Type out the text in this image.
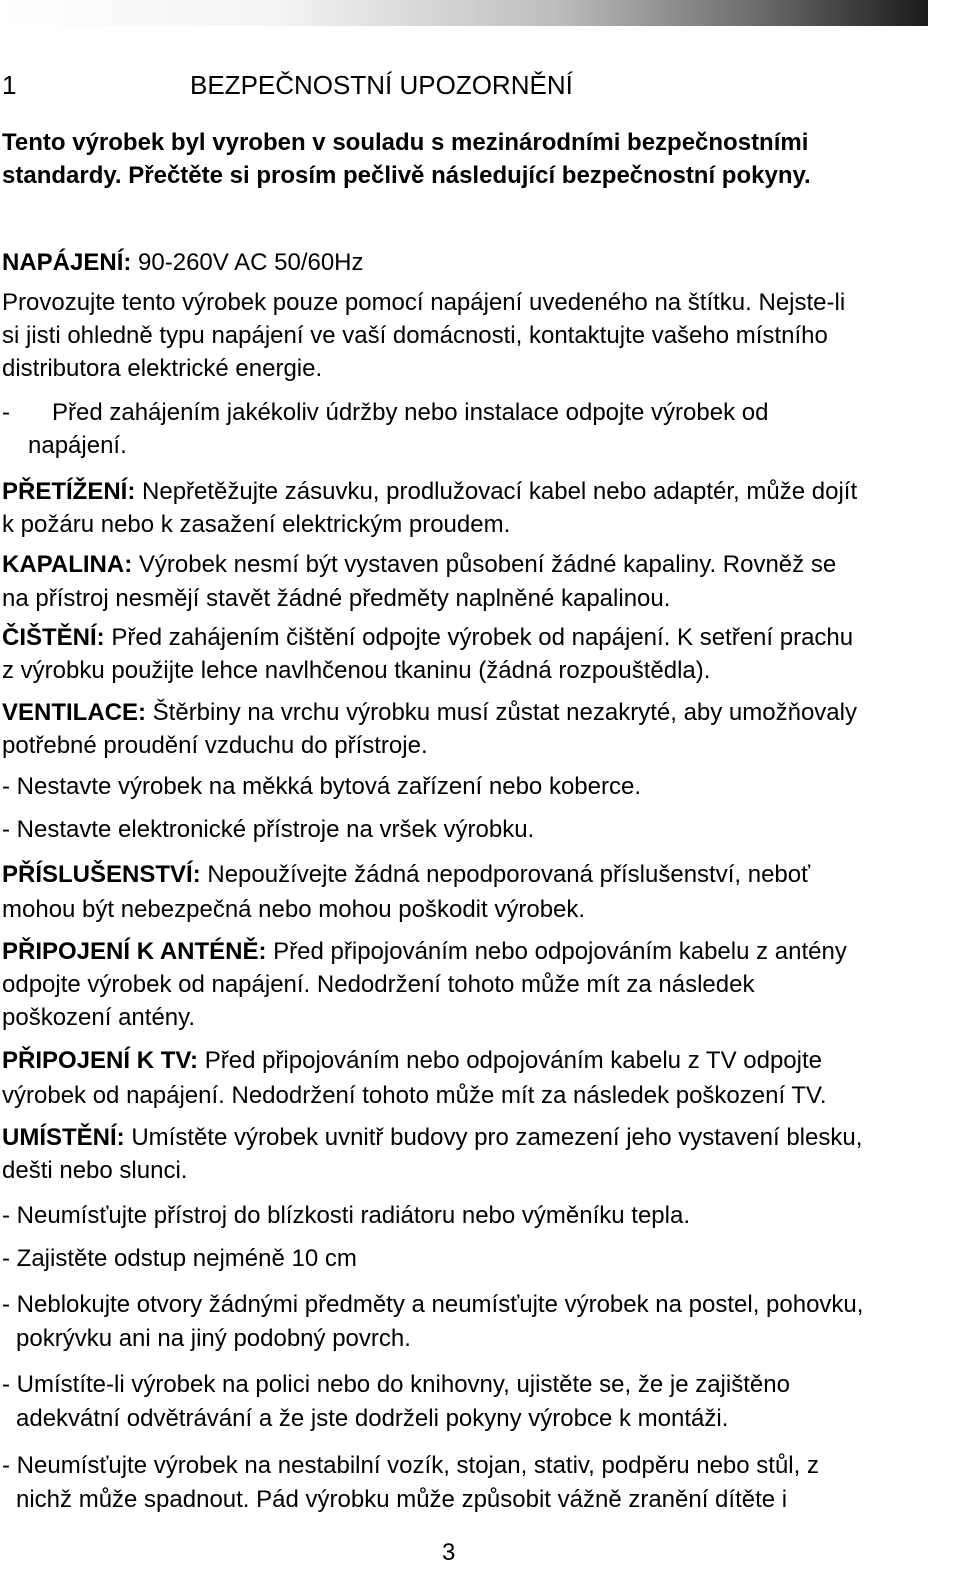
1	BEZPEČNOSTNÍ UPOZORNĚNÍ
Tento výrobek byl vyroben v souladu s mezinárodními bezpečnostními
standardy. Přečtěte si prosím pečlivě následující bezpečnostní pokyny.
NAPÁJENÍ: 90-260V AC 50/60Hz
Provozujte tento výrobek pouze pomocí napájení uvedeného na štítku. Nejste-li
si jisti ohledně typu napájení ve vaší domácnosti, kontaktujte vašeho místního
distributora elektrické energie.
- Před zahájením jakékoliv údržby nebo instalace odpojte výrobek od
napájení.
PŘETÍŽENÍ: Nepřetěžujte zásuvku, prodlužovací kabel nebo adaptér, může dojít
k požáru nebo k zasažení elektrickým proudem.
KAPALINA: Výrobek nesmí být vystaven působení žádné kapaliny. Rovněž se
na přístroj nesmějí stavět žádné předměty naplněné kapalinou.
ČIŠTĚNÍ: Před zahájením čištění odpojte výrobek od napájení. K setření prachu
z výrobku použijte lehce navlhčenou tkaninu (žádná rozpouštědla).
VENTILACE: Štěrbiny na vrchu výrobku musí zůstat nezakryté, aby umožňovaly
potřebné proudění vzduchu do přístroje.
- Nestavte výrobek na měkká bytová zařízení nebo koberce.
- Nestavte elektronické přístroje na vršek výrobku.
PŘÍSLUŠENSTVÍ: Nepoužívejte žádná nepodporovaná příslušenství, neboť
mohou být nebezpečná nebo mohou poškodit výrobek.
PŘIPOJENÍ K ANTÉNĚ: Před připojováním nebo odpojováním kabelu z antény
odpojte výrobek od napájení. Nedodržení tohoto může mít za následek
poškození antény.
PŘIPOJENÍ K TV: Před připojováním nebo odpojováním kabelu z TV odpojte
výrobek od napájení. Nedodržení tohoto může mít za následek poškození TV.
UMÍSTĚNÍ: Umístěte výrobek uvnitř budovy pro zamezení jeho vystavení blesku,
dešti nebo slunci.
- Neumísťujte přístroj do blízkosti radiátoru nebo výměníku tepla.
- Zajistěte odstup nejméně 10 cm
- Neblokujte otvory žádnými předměty a neumísťujte výrobek na postel, pohovku,
pokrývku ani na jiný podobný povrch.
- Umístíte-li výrobek na polici nebo do knihovny, ujistěte se, že je zajištěno
adekvátní odvětrávání a že jste dodrželi pokyny výrobce k montáži.
- Neumísťujte výrobek na nestabilní vozík, stojan, stativ, podpěru nebo stůl, z
nichž může spadnout. Pád výrobku může způsobit vážně zranění dítěte i
3
